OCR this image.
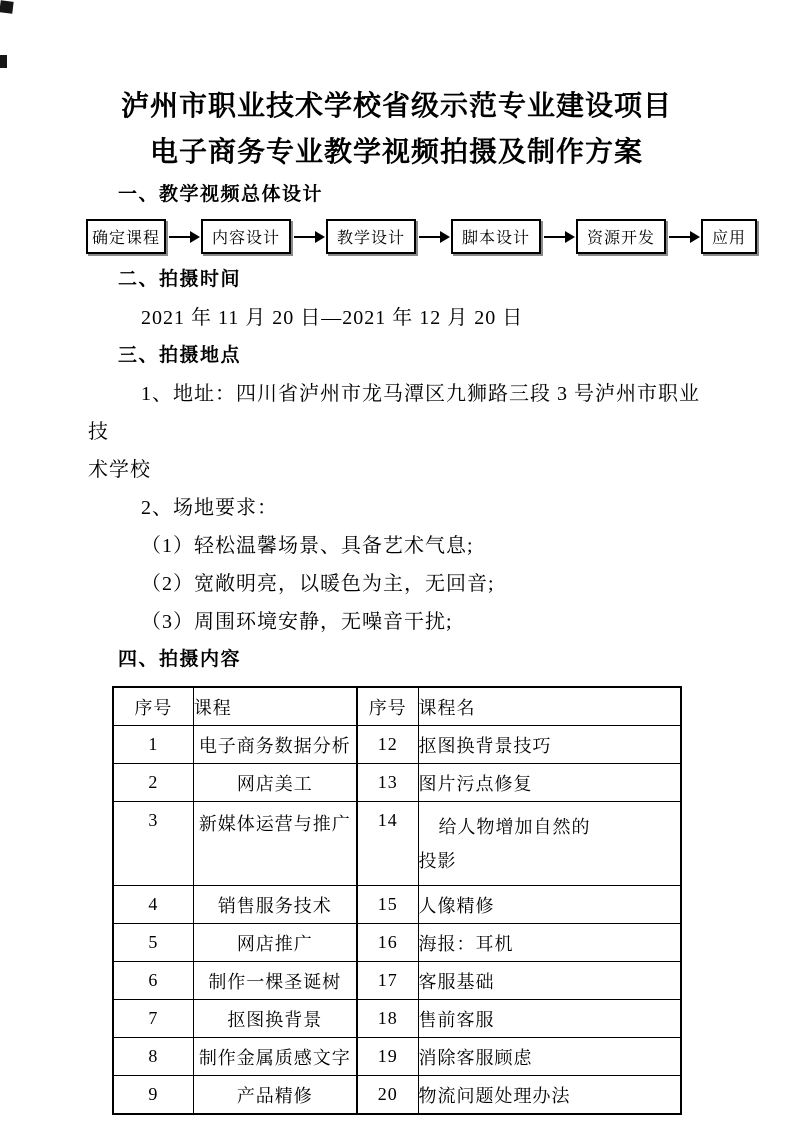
泸州市职业技术学校省级示范专业建设项目
电子商务专业教学视频拍摄及制作方案
一、教学视频总体设计
确定课程	内容设计	教学设计	脚本设计	资源开发	应用
二、拍摄时间

2021 年 11 月 20 日—2021 年 12 月 20 日

三、拍摄地点

1、地址：四川省泸州市龙马潭区九狮路三段 3 号泸州市职业技

术学校

2、场地要求：

（1）轻松温馨场景、具备艺术气息;

（2）宽敞明亮，以暖色为主，无回音;

（3）周围环境安静，无噪音干扰;

四、拍摄内容
序号	课程	序号	课程名
1	电子商务数据分析	12	抠图换背景技巧
2	网店美工	13	图片污点修复
3	新媒体运营与推广	14	给人物增加自然的
投影

4	销售服务技术	15	人像精修
5	网店推广	16	海报：耳机
6	制作一棵圣诞树	17	客服基础
7	抠图换背景	18	售前客服
8	制作金属质感文字	19	消除客服顾虑
9	产品精修	20	物流问题处理办法
